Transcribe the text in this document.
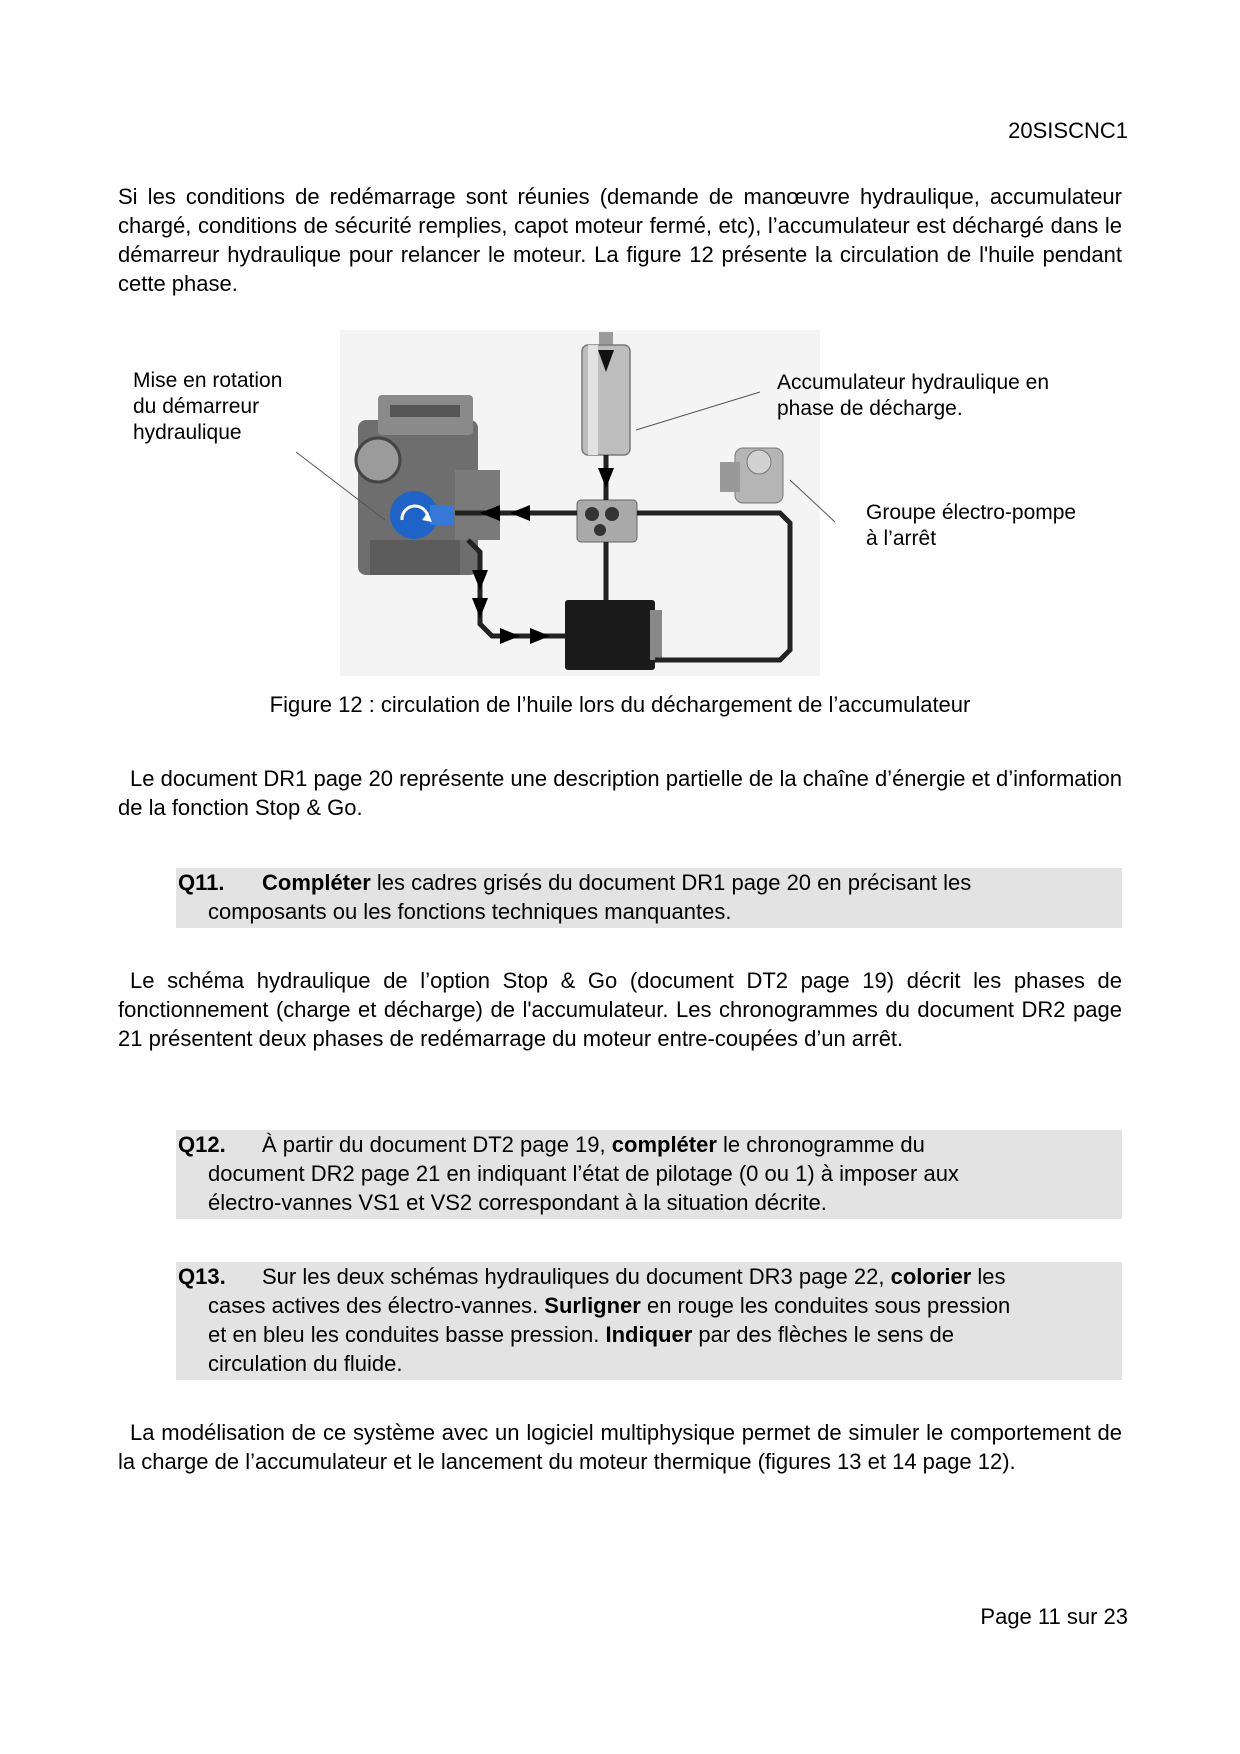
20SISCNC1
Si les conditions de redémarrage sont réunies (demande de manœuvre hydraulique, accumulateur chargé, conditions de sécurité remplies, capot moteur fermé, etc), l’accumulateur est déchargé dans le démarreur hydraulique pour relancer le moteur. La figure 12 présente la circulation de l'huile pendant cette phase.
Mise en rotation
du démarreur
hydraulique
Accumulateur hydraulique en
phase de décharge.
Groupe électro-pompe
à l’arrêt
Figure 12 : circulation de l’huile lors du déchargement de l’accumulateur
Le document DR1 page 20 représente une description partielle de la chaîne d’énergie et d’information de la fonction Stop & Go.
Q11. Compléter les cadres grisés du document DR1 page 20 en précisant les
composants ou les fonctions techniques manquantes.
Le schéma hydraulique de l’option Stop & Go (document DT2 page 19) décrit les phases de fonctionnement (charge et décharge) de l'accumulateur. Les chronogrammes du document DR2 page 21 présentent deux phases de redémarrage du moteur entre-coupées d’un arrêt.
Q12. À partir du document DT2 page 19, compléter le chronogramme du
document DR2 page 21 en indiquant l’état de pilotage (0 ou 1) à imposer aux
électro-vannes VS1 et VS2 correspondant à la situation décrite.
Q13. Sur les deux schémas hydrauliques du document DR3 page 22, colorier les
cases actives des électro-vannes. Surligner en rouge les conduites sous pression
et en bleu les conduites basse pression. Indiquer par des flèches le sens de
circulation du fluide.
La modélisation de ce système avec un logiciel multiphysique permet de simuler le comportement de la charge de l’accumulateur et le lancement du moteur thermique (figures 13 et 14 page 12).
Page 11 sur 23
